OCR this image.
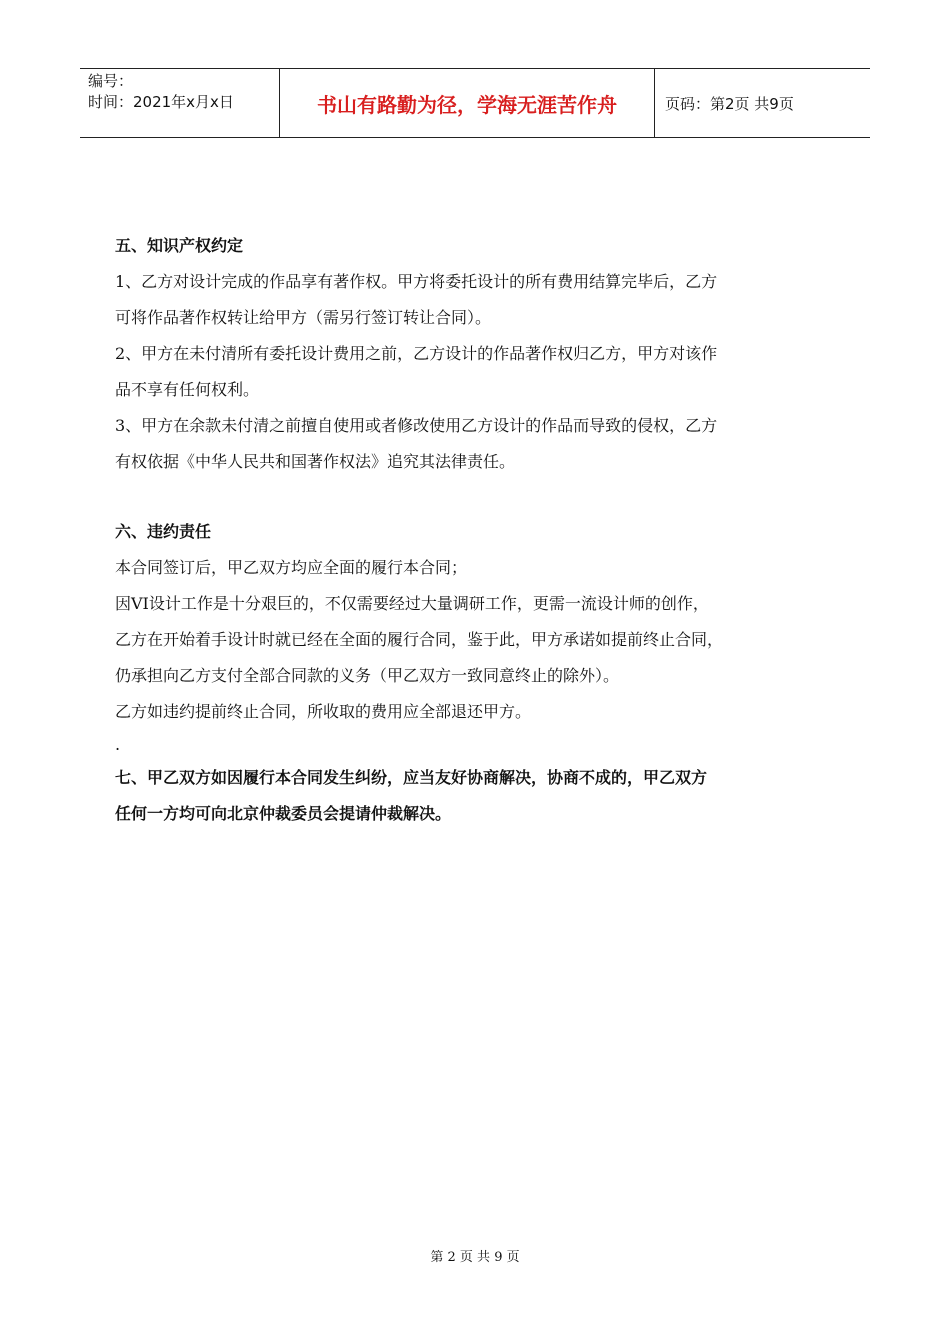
编号：
时间：2021年x月x日	书山有路勤为径，学海无涯苦作舟	页码：第2页 共9页

五、知识产权约定

1、乙方对设计完成的作品享有著作权。甲方将委托设计的所有费用结算完毕后，乙方

可将作品著作权转让给甲方（需另行签订转让合同）。

2、甲方在未付清所有委托设计费用之前，乙方设计的作品著作权归乙方，甲方对该作

品不享有任何权利。

3、甲方在余款未付清之前擅自使用或者修改使用乙方设计的作品而导致的侵权，乙方

有权依据《中华人民共和国著作权法》追究其法律责任。

六、违约责任

本合同签订后，甲乙双方均应全面的履行本合同；

因VI设计工作是十分艰巨的，不仅需要经过大量调研工作，更需一流设计师的创作，

乙方在开始着手设计时就已经在全面的履行合同，鉴于此，甲方承诺如提前终止合同，

仍承担向乙方支付全部合同款的义务（甲乙双方一致同意终止的除外）。

乙方如违约提前终止合同，所收取的费用应全部退还甲方。

.

七、甲乙双方如因履行本合同发生纠纷，应当友好协商解决，协商不成的，甲乙双方

任何一方均可向北京仲裁委员会提请仲裁解决。

第 2 页 共 9 页
